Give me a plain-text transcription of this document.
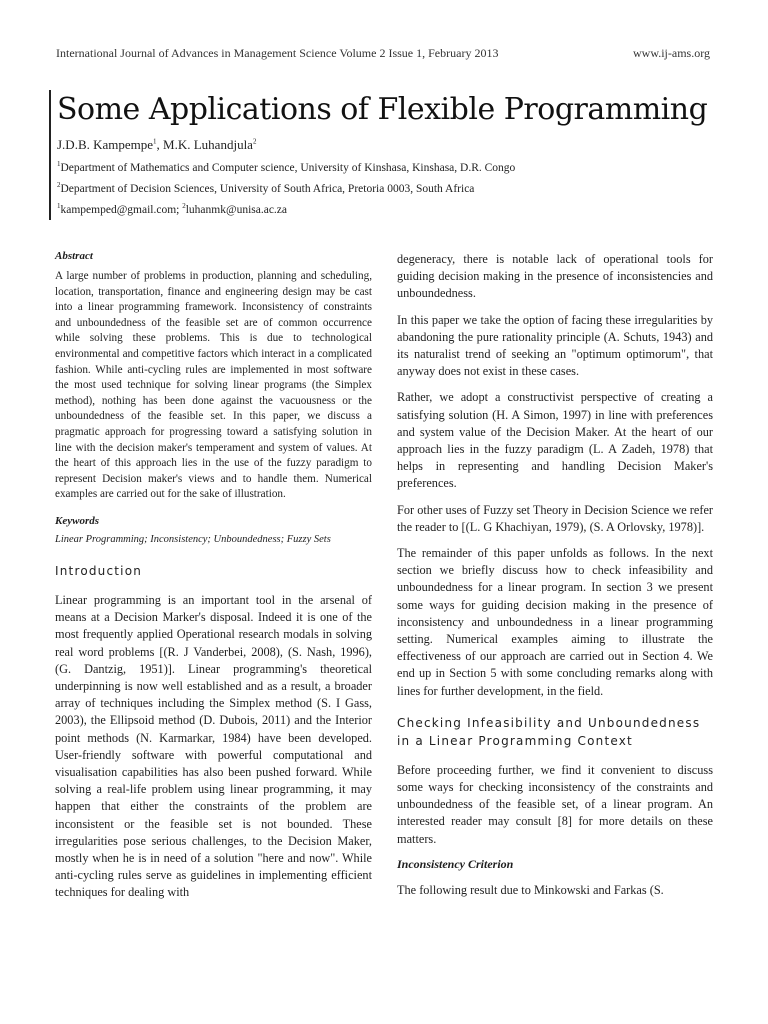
International Journal of Advances in Management Science Volume 2 Issue 1, February 2013	www.ij-ams.org
Some Applications of Flexible Programming

J.D.B. Kampempe$^1$, M.K. Luhandjula$^2$

$^1$Department of Mathematics and Computer science, University of Kinshasa, Kinshasa, D.R. Congo

$^2$Department of Decision Sciences, University of South Africa, Pretoria 0003, South Africa

$^1$kampemped@gmail.com; $^2$luhanmk@unisa.ac.za

Abstract

A large number of problems in production, planning and scheduling, location, transportation, finance and engineering design may be cast into a linear programming framework. Inconsistency of constraints and unboundedness of the feasible set are of common occurrence while solving these problems. This is due to technological environmental and competitive factors which interact in a complicated fashion. While anti-cycling rules are implemented in most software the most used technique for solving linear programs (the Simplex method), nothing has been done against the vacuousness or the unboundedness of the feasible set. In this paper, we discuss a pragmatic approach for progressing toward a satisfying solution in line with the decision maker's temperament and system of values. At the heart of this approach lies in the use of the fuzzy paradigm to represent Decision maker's views and to handle them. Numerical examples are carried out for the sake of illustration.

Keywords

Linear Programming; Inconsistency; Unboundedness; Fuzzy Sets

Introduction

Linear programming is an important tool in the arsenal of means at a Decision Marker's disposal. Indeed it is one of the most frequently applied Operational research modals in solving real word problems [(R. J Vanderbei, 2008), (S. Nash, 1996), (G. Dantzig, 1951)]. Linear programming's theoretical underpinning is now well established and as a result, a broader array of techniques including the Simplex method (S. I Gass, 2003), the Ellipsoid method (D. Dubois, 2011) and the Interior point methods (N. Karmarkar, 1984) have been developed. User-friendly software with powerful computational and visualisation capabilities has also been pushed forward. While solving a real-life problem using linear programming, it may happen that either the constraints of the problem are inconsistent or the feasible set is not bounded. These irregularities pose serious challenges, to the Decision Maker, mostly when he is in need of a solution "here and now". While anti-cycling rules serve as guidelines in implementing efficient techniques for dealing with

degeneracy, there is notable lack of operational tools for guiding decision making in the presence of inconsistencies and unboundedness.

In this paper we take the option of facing these irregularities by abandoning the pure rationality principle (A. Schuts, 1943) and its naturalist trend of seeking an "optimum optimorum", that anyway does not exist in these cases.

Rather, we adopt a constructivist perspective of creating a satisfying solution (H. A Simon, 1997) in line with preferences and system value of the Decision Maker. At the heart of our approach lies in the fuzzy paradigm (L. A Zadeh, 1978) that helps in representing and handling Decision Maker's preferences.

For other uses of Fuzzy set Theory in Decision Science we refer the reader to [(L. G Khachiyan, 1979), (S. A Orlovsky, 1978)].

The remainder of this paper unfolds as follows. In the next section we briefly discuss how to check infeasibility and unboundedness for a linear program. In section 3 we present some ways for guiding decision making in the presence of inconsistency and unboundedness in a linear programming setting. Numerical examples aiming to illustrate the effectiveness of our approach are carried out in Section 4. We end up in Section 5 with some concluding remarks along with lines for further development, in the field.

Checking Infeasibility and Unboundedness in a Linear Programming Context

Before proceeding further, we find it convenient to discuss some ways for checking inconsistency of the constraints and unboundedness of the feasible set, of a linear program. An interested reader may consult [8] for more details on these matters.

Inconsistency Criterion

The following result due to Minkowski and Farkas (S.
